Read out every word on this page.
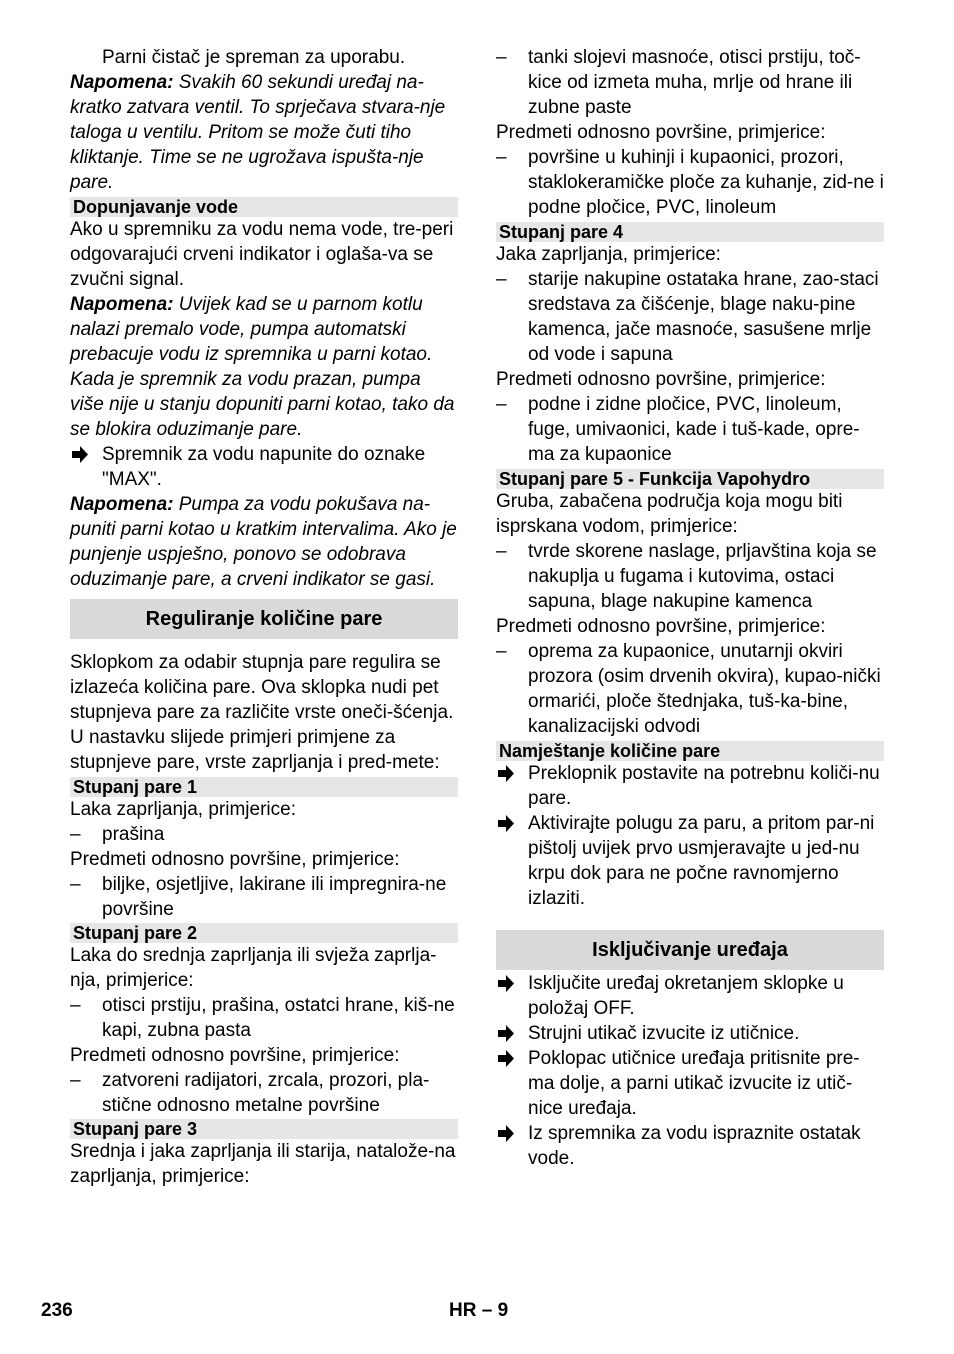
Parni čistač je spreman za uporabu.

Napomena: Svakih 60 sekundi uređaj na-kratko zatvara ventil. To sprječava stvara-nje taloga u ventilu. Pritom se može čuti tiho kliktanje. Time se ne ugrožava ispušta-nje pare.

Dopunjavanje vode

Ako u spremniku za vodu nema vode, tre-peri odgovarajući crveni indikator i oglaša-va se zvučni signal.

Napomena: Uvijek kad se u parnom kotlu nalazi premalo vode, pumpa automatski prebacuje vodu iz spremnika u parni kotao. Kada je spremnik za vodu prazan, pumpa više nije u stanju dopuniti parni kotao, tako da se blokira oduzimanje pare.

Spremnik za vodu napunite do oznake "MAX".

Napomena: Pumpa za vodu pokušava na-puniti parni kotao u kratkim intervalima. Ako je punjenje uspješno, ponovo se odobrava oduzimanje pare, a crveni indikator se gasi.

Reguliranje količine pare

Sklopkom za odabir stupnja pare regulira se izlazeća količina pare. Ova sklopka nudi pet stupnjeva pare za različite vrste oneči-šćenja. U nastavku slijede primjeri primjene za stupnjeve pare, vrste zaprljanja i pred-mete:

Stupanj pare 1

Laka zaprljanja, primjerice:

– prašina

Predmeti odnosno površine, primjerice:

– biljke, osjetljive, lakirane ili impregnira-ne površine
Stupanj pare 2

Laka do srednja zaprljanja ili svježa zaprlja-nja, primjerice:

– otisci prstiju, prašina, ostatci hrane, kiš-ne kapi, zubna pasta

Predmeti odnosno površine, primjerice:

– zatvoreni radijatori, zrcala, prozori, pla-stične odnosno metalne površine
Stupanj pare 3

Srednja i jaka zaprljanja ili starija, natalože-na zaprljanja, primjerice:

– tanki slojevi masnoće, otisci prstiju, toč-kice od izmeta muha, mrlje od hrane ili zubne paste

Predmeti odnosno površine, primjerice:

– površine u kuhinji i kupaonici, prozori, staklokeramičke ploče za kuhanje, zid-ne i podne pločice, PVC, linoleum
Stupanj pare 4

Jaka zaprljanja, primjerice:

– starije nakupine ostataka hrane, zao-staci sredstava za čišćenje, blage naku-pine kamenca, jače masnoće, sasušene mrlje od vode i sapuna

Predmeti odnosno površine, primjerice:

– podne i zidne pločice, PVC, linoleum, fuge, umivaonici, kade i tuš-kade, opre-ma za kupaonice
Stupanj pare 5 - Funkcija Vapohydro

Gruba, zabačena područja koja mogu biti isprskana vodom, primjerice:

– tvrde skorene naslage, prljavština koja se nakuplja u fugama i kutovima, ostaci sapuna, blage nakupine kamenca

Predmeti odnosno površine, primjerice:

– oprema za kupaonice, unutarnji okviri prozora (osim drvenih okvira), kupao-nički ormarići, ploče štednjaka, tuš-ka-bine, kanalizacijski odvodi
Namještanje količine pare
Preklopnik postavite na potrebnu količi-nu pare.
Aktivirajte polugu za paru, a pritom par-ni pištolj uvijek prvo usmjeravajte u jed-nu krpu dok para ne počne ravnomjerno izlaziti.
Isključivanje uređaja
Isključite uređaj okretanjem sklopke u položaj OFF.
Strujni utikač izvucite iz utičnice.
Poklopac utičnice uređaja pritisnite pre-ma dolje, a parni utikač izvucite iz utič-nice uređaja.
Iz spremnika za vodu ispraznite ostatak vode.
236	HR – 9
